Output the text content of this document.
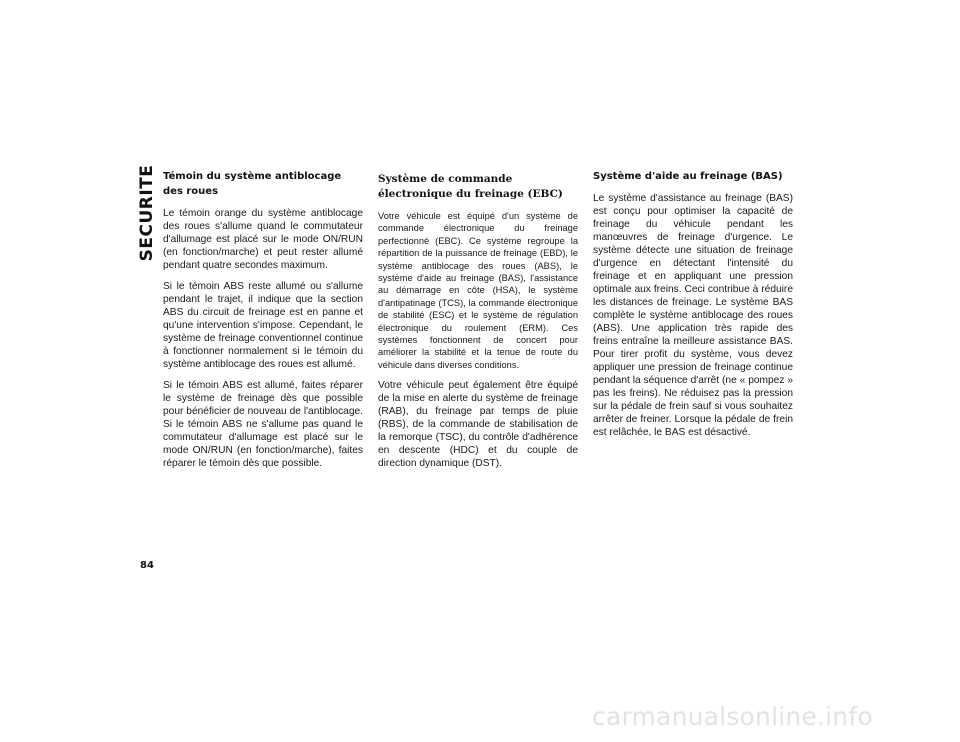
SECURITE Témoin du système antiblocage des roues

Le témoin orange du système antiblocage des roues s'allume quand le commutateur d'allumage est placé sur le mode ON/RUN (en fonction/marche) et peut rester allumé pendant quatre secondes maximum.

Si le témoin ABS reste allumé ou s'allume pendant le trajet, il indique que la section ABS du circuit de freinage est en panne et qu'une intervention s'impose. Cependant, le système de freinage conventionnel continue à fonctionner normalement si le témoin du système antiblocage des roues est allumé.

Si le témoin ABS est allumé, faites réparer le système de freinage dès que possible pour bénéficier de nouveau de l'antiblocage. Si le témoin ABS ne s'allume pas quand le commutateur d'allumage est placé sur le mode ON/RUN (en fonction/marche), faites réparer le témoin dès que possible.

Système de commande électronique du freinage (EBC)

Votre véhicule est équipé d'un système de commande électronique du freinage perfectionné (EBC). Ce système regroupe la répartition de la puissance de freinage (EBD), le système antiblocage des roues (ABS), le système d'aide au freinage (BAS), l'assistance au démarrage en côte (HSA), le système d'antipatinage (TCS), la commande électronique de stabilité (ESC) et le système de régulation électronique du roulement (ERM). Ces systèmes fonctionnent de concert pour améliorer la stabilité et la tenue de route du véhicule dans diverses conditions.

Votre véhicule peut également être équipé de la mise en alerte du système de freinage (RAB), du freinage par temps de pluie (RBS), de la commande de stabilisation de la remorque (TSC), du contrôle d'adhérence en descente (HDC) et du couple de direction dynamique (DST).

Système d'aide au freinage (BAS)

Le système d'assistance au freinage (BAS) est conçu pour optimiser la capacité de freinage du véhicule pendant les manœuvres de freinage d'urgence. Le système détecte une situation de freinage d'urgence en détectant l'intensité du freinage et en appliquant une pression optimale aux freins. Ceci contribue à réduire les distances de freinage. Le système BAS complète le système antiblocage des roues (ABS). Une application très rapide des freins entraîne la meilleure assistance BAS. Pour tirer profit du système, vous devez appliquer une pression de freinage continue pendant la séquence d'arrêt (ne « pompez » pas les freins). Ne réduisez pas la pression sur la pédale de frein sauf si vous souhaitez arrêter de freiner. Lorsque la pédale de frein est relâchée, le BAS est désactivé.

84
carmanualsonline.info
